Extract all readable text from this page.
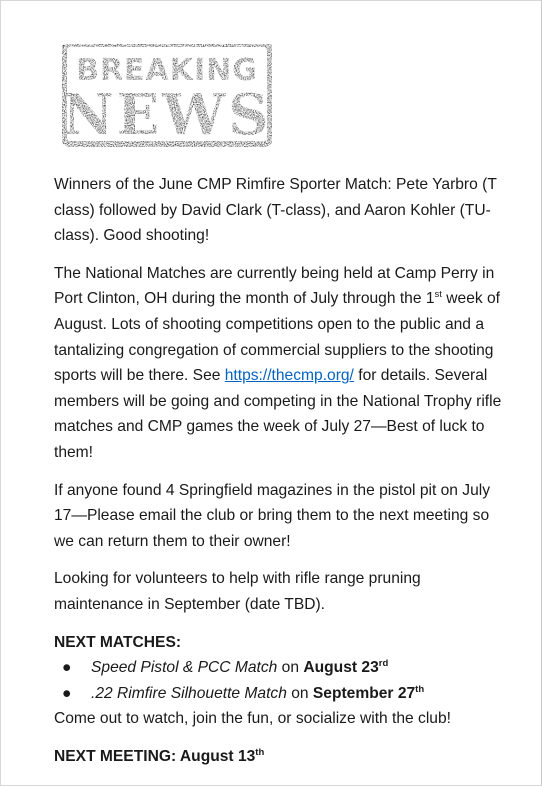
BREAKING
NEWS

Winners of the June CMP Rimfire Sporter Match: Pete Yarbro (T class) followed by David Clark (T-class), and Aaron Kohler (TU-class). Good shooting!

The National Matches are currently being held at Camp Perry in Port Clinton, OH during the month of July through the 1st week of August. Lots of shooting competitions open to the public and a tantalizing congregation of commercial suppliers to the shooting sports will be there. See https://thecmp.org/ for details. Several members will be going and competing in the National Trophy rifle matches and CMP games the week of July 27—Best of luck to them!

If anyone found 4 Springfield magazines in the pistol pit on July 17—Please email the club or bring them to the next meeting so we can return them to their owner!

Looking for volunteers to help with rifle range pruning maintenance in September (date TBD).

NEXT MATCHES:

● Speed Pistol & PCC Match on August 23rd
● .22 Rimfire Silhouette Match on September 27th

Come out to watch, join the fun, or socialize with the club!

NEXT MEETING: August 13th
